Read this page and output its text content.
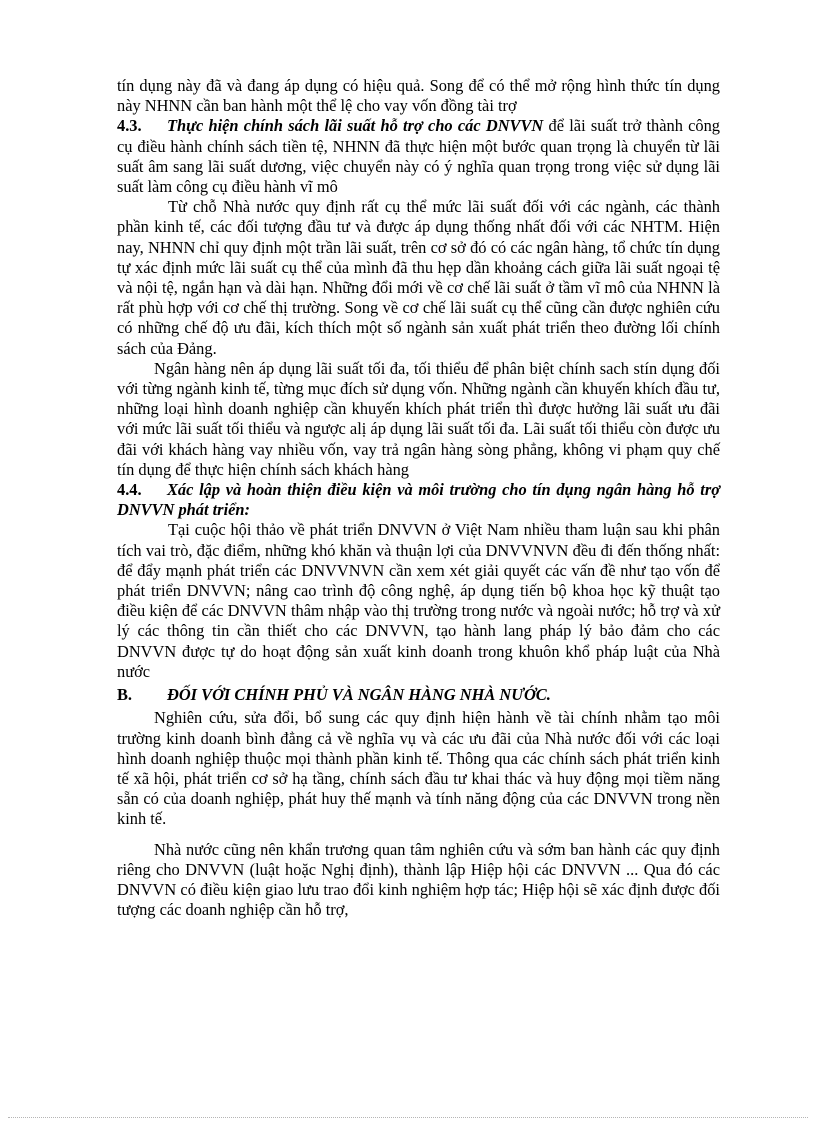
tín dụng này đã và đang áp dụng có hiệu quả. Song để có thể mở rộng hình thức tín dụng này NHNN cần ban hành một thể lệ cho vay vốn đồng tài trợ

4.3. Thực hiện chính sách lãi suất hỗ trợ cho các DNVVN để lãi suất trở thành công cụ điều hành chính sách tiền tệ, NHNN đã thực hiện một bước quan trọng là chuyển từ lãi suất âm sang lãi suất dương, việc chuyển này có ý nghĩa quan trọng trong việc sử dụng lãi suất làm công cụ điều hành vĩ mô

Từ chỗ Nhà nước quy định rất cụ thể mức lãi suất đối với các ngành, các thành phần kinh tế, các đối tượng đầu tư và được áp dụng thống nhất đối với các NHTM. Hiện nay, NHNN chỉ quy định một trần lãi suất, trên cơ sở đó có các ngân hàng, tổ chức tín dụng tự xác định mức lãi suất cụ thể của mình đã thu hẹp dần khoảng cách giữa lãi suất ngoại tệ và nội tệ, ngắn hạn và dài hạn. Những đổi mới về cơ chế lãi suất ở tầm vĩ mô của NHNN là rất phù hợp với cơ chế thị trường. Song về cơ chế lãi suất cụ thể cũng cần được nghiên cứu có những chế độ ưu đãi, kích thích một số ngành sản xuất phát triển theo đường lối chính sách của Đảng.

Ngân hàng nên áp dụng lãi suất tối đa, tối thiểu để phân biệt chính sach stín dụng đối với từng ngành kinh tế, từng mục đích sử dụng vốn. Những ngành cần khuyến khích đầu tư, những loại hình doanh nghiệp cần khuyến khích phát triển thì được hưởng lãi suất ưu đãi với mức lãi suất tối thiểu và ngược alị áp dụng lãi suất tối đa. Lãi suất tối thiểu còn được ưu đãi với khách hàng vay nhiều vốn, vay trả ngân hàng sòng phẳng, không vi phạm quy chế tín dụng để thực hiện chính sách khách hàng

4.4. Xác lập và hoàn thiện điều kiện và môi trường cho tín dụng ngân hàng hỗ trợ DNVVN phát triển:

Tại cuộc hội thảo về phát triển DNVVN ở Việt Nam nhiều tham luận sau khi phân tích vai trò, đặc điểm, những khó khăn và thuận lợi của DNVVNVN đều đi đến thống nhất: để đẩy mạnh phát triển các DNVVNVN cần xem xét giải quyết các vấn đề như tạo vốn để phát triển DNVVN; nâng cao trình độ công nghệ, áp dụng tiến bộ khoa học kỹ thuật tạo điều kiện để các DNVVN thâm nhập vào thị trường trong nước và ngoài nước; hỗ trợ và xử lý các thông tin cần thiết cho các DNVVN, tạo hành lang pháp lý bảo đảm cho các DNVVN được tự do hoạt động sản xuất kinh doanh trong khuôn khổ pháp luật của Nhà nước

B. ĐỐI VỚI CHÍNH PHỦ VÀ NGÂN HÀNG NHÀ NƯỚC.

Nghiên cứu, sửa đổi, bổ sung các quy định hiện hành về tài chính nhằm tạo môi trường kinh doanh bình đẳng cả về nghĩa vụ và các ưu đãi của Nhà nước đối với các loại hình doanh nghiệp thuộc mọi thành phần kinh tế. Thông qua các chính sách phát triển kinh tế xã hội, phát triển cơ sở hạ tầng, chính sách đầu tư khai thác và huy động mọi tiềm năng sẵn có của doanh nghiệp, phát huy thế mạnh và tính năng động của các DNVVN trong nền kinh tế.

Nhà nước cũng nên khẩn trương quan tâm nghiên cứu và sớm ban hành các quy định riêng cho DNVVN (luật hoặc Nghị định), thành lập Hiệp hội các DNVVN ... Qua đó các DNVVN có điều kiện giao lưu trao đổi kinh nghiệm hợp tác; Hiệp hội sẽ xác định được đối tượng các doanh nghiệp cần hỗ trợ,
